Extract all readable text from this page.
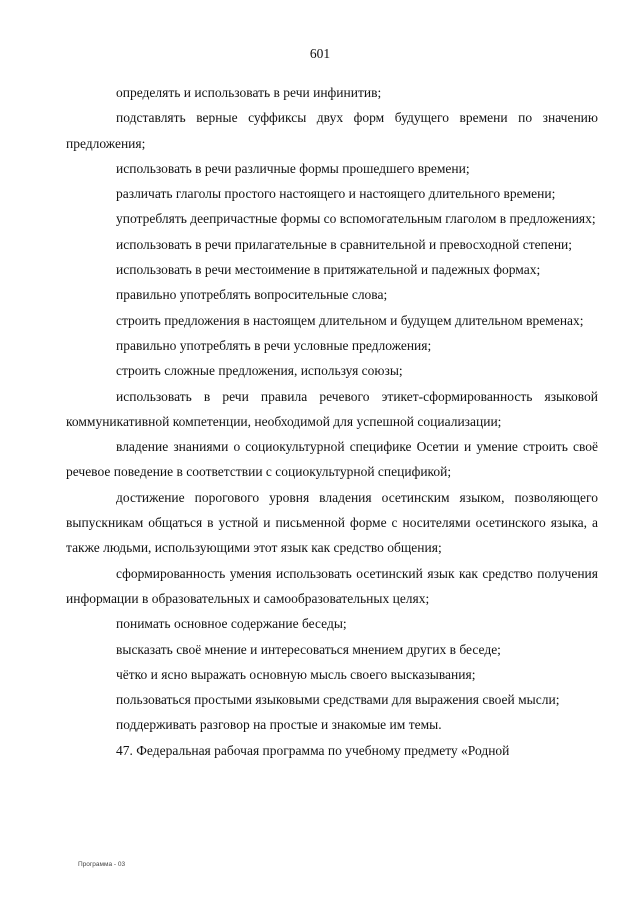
601

определять и использовать в речи инфинитив;

подставлять верные суффиксы двух форм будущего времени по значению предложения;

использовать в речи различные формы прошедшего времени;

различать глаголы простого настоящего и настоящего длительного времени;

употреблять деепричастные формы со вспомогательным глаголом в предложениях;

использовать в речи прилагательные в сравнительной и превосходной степени;

использовать в речи местоимение в притяжательной и падежных формах;

правильно употреблять вопросительные слова;

строить предложения в настоящем длительном и будущем длительном временах;

правильно употреблять в речи условные предложения;

строить сложные предложения, используя союзы;

использовать в речи правила речевого этикет-сформированность языковой коммуникативной компетенции, необходимой для успешной социализации;

владение знаниями о социокультурной специфике Осетии и умение строить своё речевое поведение в соответствии с социокультурной спецификой;

достижение порогового уровня владения осетинским языком, позволяющего выпускникам общаться в устной и письменной форме с носителями осетинского языка, а также людьми, использующими этот язык как средство общения;

сформированность умения использовать осетинский язык как средство получения информации в образовательных и самообразовательных целях;

понимать основное содержание беседы;

высказать своё мнение и интересоваться мнением других в беседе;

чётко и ясно выражать основную мысль своего высказывания;

пользоваться простыми языковыми средствами для выражения своей мысли;

поддерживать разговор на простые и знакомые им темы.

47. Федеральная рабочая программа по учебному предмету «Родной

Программа - 03
